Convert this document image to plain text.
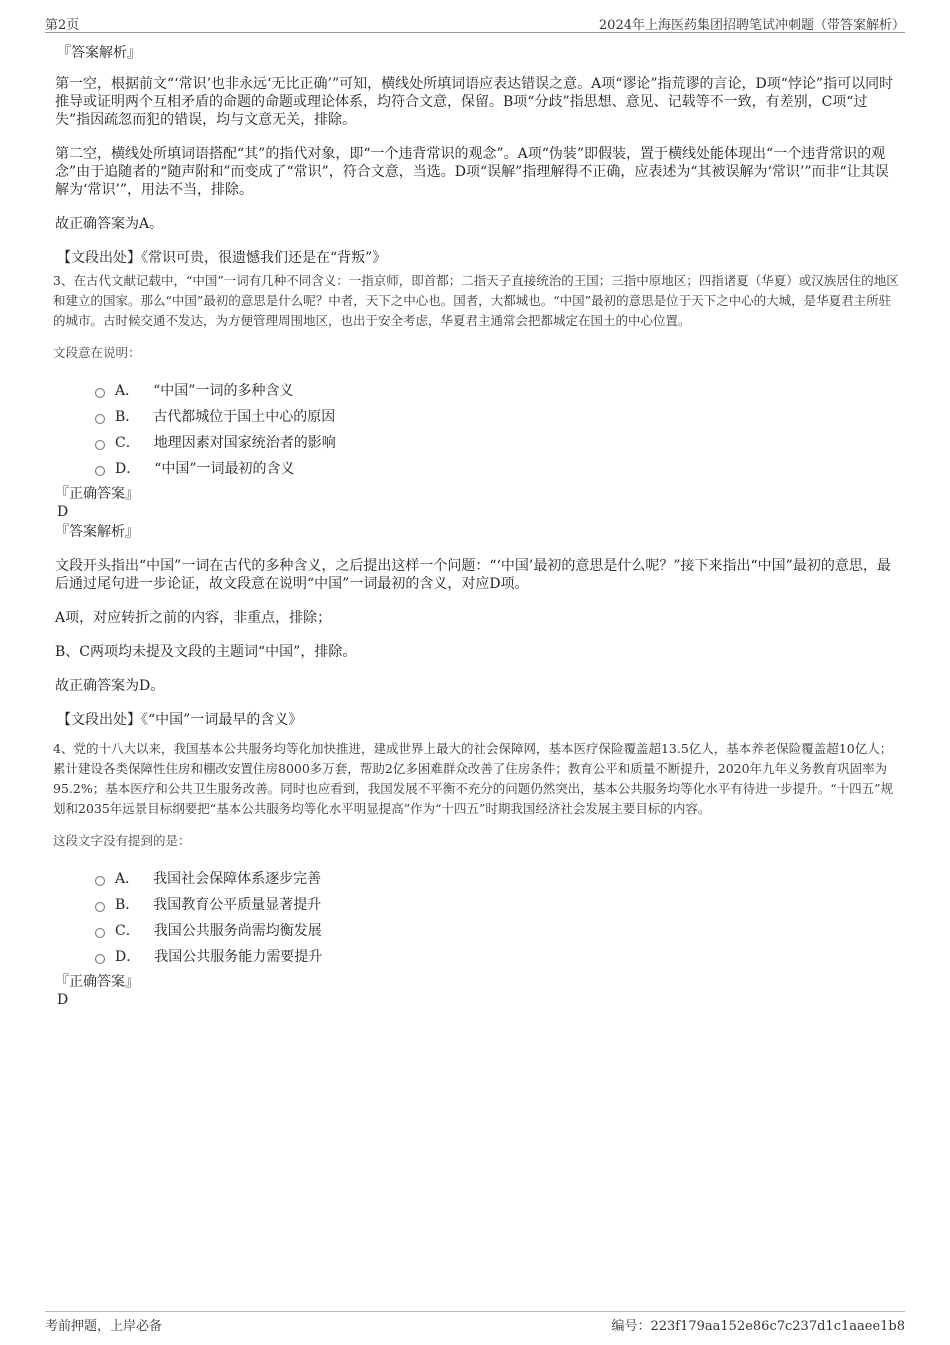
第2页	2024年上海医药集团招聘笔试冲刺题（带答案解析）

『答案解析』

第一空，根据前文“‘常识’也非永远‘无比正确’”可知，横线处所填词语应表达错误之意。A项“谬论”指荒谬的言论，D项“悖论”指可以同时推导或证明两个互相矛盾的命题的命题或理论体系，均符合文意，保留。B项“分歧”指思想、意见、记载等不一致，有差别，C项“过失”指因疏忽而犯的错误，均与文意无关，排除。

第二空，横线处所填词语搭配“其”的指代对象，即“一个违背常识的观念”。A项“伪装”即假装，置于横线处能体现出“一个违背常识的观念”由于追随者的“随声附和”而变成了“常识”，符合文意，当选。D项“误解”指理解得不正确，应表述为“其被误解为‘常识’”而非“让其误解为‘常识’”，用法不当，排除。

故正确答案为A。

【文段出处】《常识可贵，很遗憾我们还是在“背叛”》

3、在古代文献记载中，“中国”一词有几种不同含义：一指京师，即首都；二指天子直接统治的王国；三指中原地区；四指诸夏（华夏）或汉族居住的地区和建立的国家。那么“中国”最初的意思是什么呢？中者，天下之中心也。国者，大都城也。“中国”最初的意思是位于天下之中心的大城，是华夏君主所驻的城市。古时候交通不发达，为方便管理周围地区，也出于安全考虑，华夏君主通常会把都城定在国土的中心位置。

文段意在说明：

A． “中国”一词的多种含义
B． 古代都城位于国土中心的原因
C． 地理因素对国家统治者的影响
D． “中国”一词最初的含义

『正确答案』

D

『答案解析』

文段开头指出“中国”一词在古代的多种含义，之后提出这样一个问题：“‘中国’最初的意思是什么呢？”接下来指出“中国”最初的意思，最后通过尾句进一步论证，故文段意在说明“中国”一词最初的含义，对应D项。

A项，对应转折之前的内容，非重点，排除；

B、C两项均未提及文段的主题词“中国”，排除。

故正确答案为D。

【文段出处】《“中国”一词最早的含义》

4、党的十八大以来，我国基本公共服务均等化加快推进，建成世界上最大的社会保障网，基本医疗保险覆盖超13.5亿人，基本养老保险覆盖超10亿人；累计建设各类保障性住房和棚改安置住房8000多万套，帮助2亿多困难群众改善了住房条件；教育公平和质量不断提升，2020年九年义务教育巩固率为95.2%；基本医疗和公共卫生服务改善。同时也应看到，我国发展不平衡不充分的问题仍然突出，基本公共服务均等化水平有待进一步提升。“十四五”规划和2035年远景目标纲要把“基本公共服务均等化水平明显提高”作为“十四五”时期我国经济社会发展主要目标的内容。

这段文字没有提到的是：

A． 我国社会保障体系逐步完善
B． 我国教育公平质量显著提升
C． 我国公共服务尚需均衡发展
D． 我国公共服务能力需要提升

『正确答案』

D

考前押题，上岸必备	编号：223f179aa152e86c7c237d1c1aaee1b8
